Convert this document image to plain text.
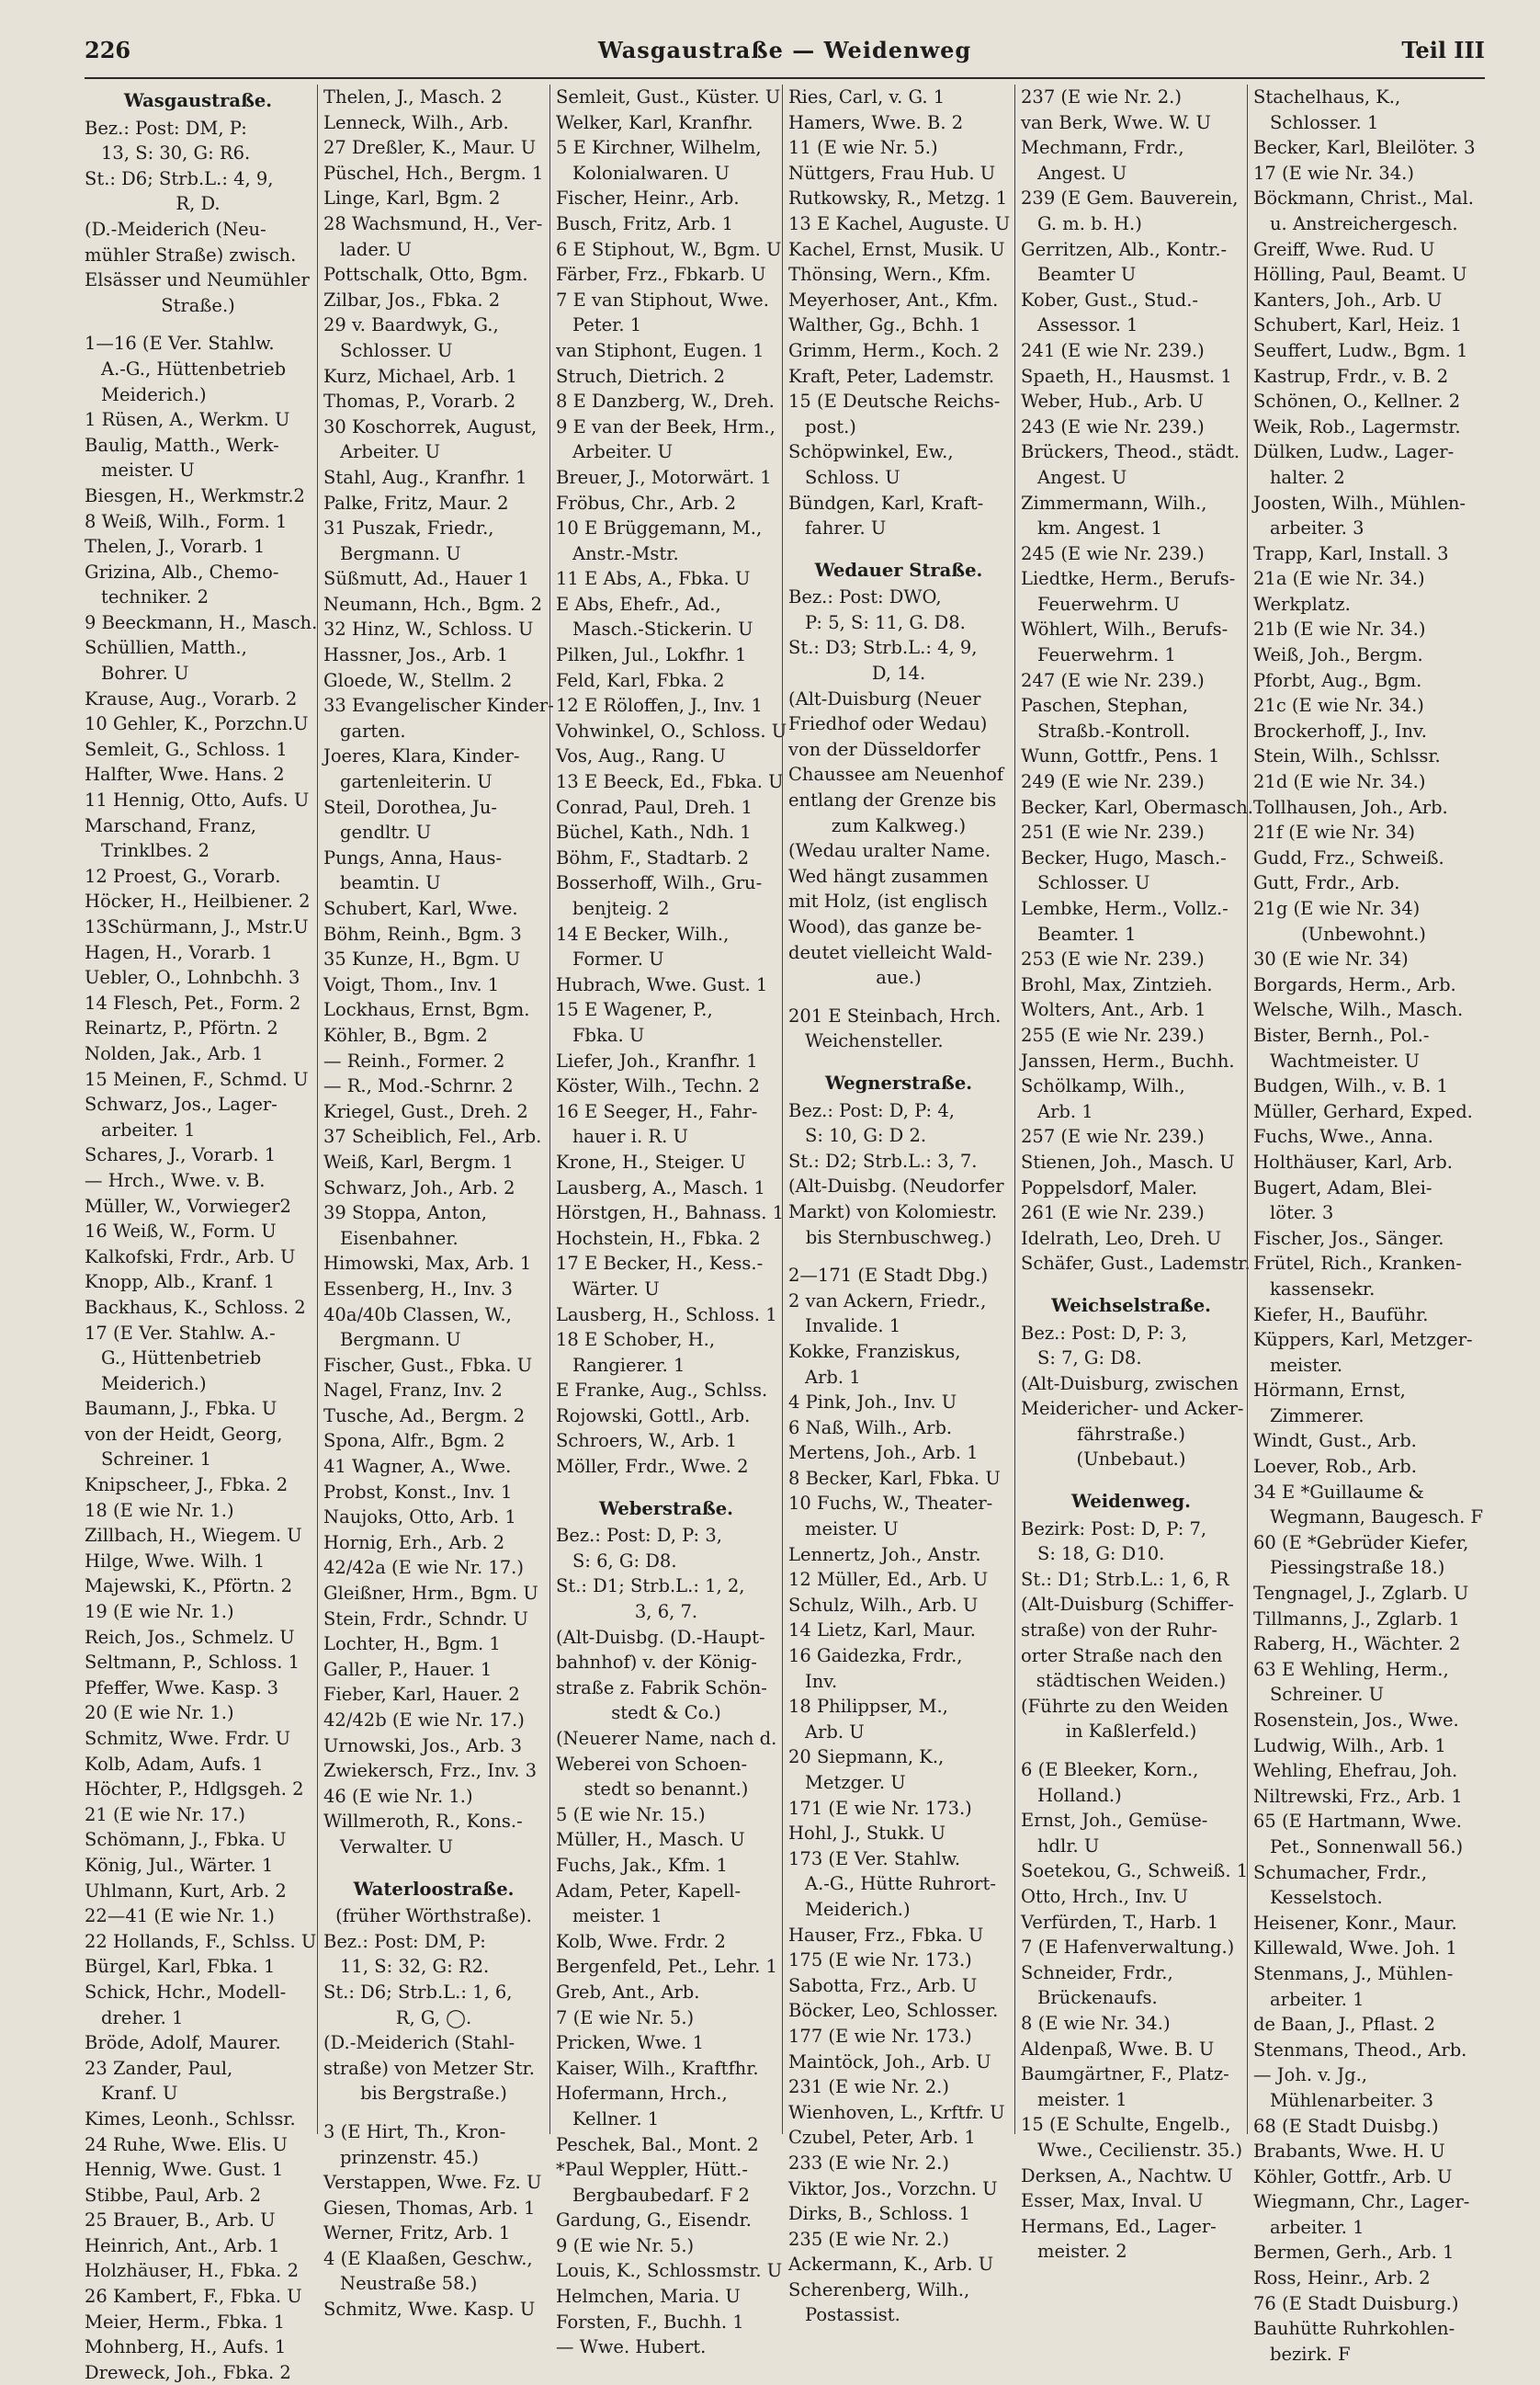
226	Wasgaustraße — Weidenweg	Teil III
Wasgaustraße.
Bez.: Post: DM, P:
13, S: 30, G: R6.
St.: D6; Strb.L.: 4, 9,
R, D.
(D.-Meiderich (Neu-
mühler Straße) zwisch.
Elsässer und Neumühler
Straße.)
1—16 (E Ver. Stahlw.
A.-G., Hüttenbetrieb
Meiderich.)
1 Rüsen, A., Werkm. U
Baulig, Matth., Werk-
meister. U
Biesgen, H., Werkmstr.2
8 Weiß, Wilh., Form. 1
Thelen, J., Vorarb. 1
Grizina, Alb., Chemo-
techniker. 2
9 Beeckmann, H., Masch.
Schüllien, Matth.,
Bohrer. U
Krause, Aug., Vorarb. 2
10 Gehler, K., Porzchn.U
Semleit, G., Schloss. 1
Halfter, Wwe. Hans. 2
11 Hennig, Otto, Aufs. U
Marschand, Franz,
Trinklbes. 2
12 Proest, G., Vorarb.
Höcker, H., Heilbiener. 2
13Schürmann, J., Mstr.U
Hagen, H., Vorarb. 1
Uebler, O., Lohnbchh. 3
14 Flesch, Pet., Form. 2
Reinartz, P., Pförtn. 2
Nolden, Jak., Arb. 1
15 Meinen, F., Schmd. U
Schwarz, Jos., Lager-
arbeiter. 1
Schares, J., Vorarb. 1
— Hrch., Wwe. v. B.
Müller, W., Vorwieger2
16 Weiß, W., Form. U
Kalkofski, Frdr., Arb. U
Knopp, Alb., Kranf. 1
Backhaus, K., Schloss. 2
17 (E Ver. Stahlw. A.-
G., Hüttenbetrieb
Meiderich.)
Baumann, J., Fbka. U
von der Heidt, Georg,
Schreiner. 1
Knipscheer, J., Fbka. 2
18 (E wie Nr. 1.)
Zillbach, H., Wiegem. U
Hilge, Wwe. Wilh. 1
Majewski, K., Pförtn. 2
19 (E wie Nr. 1.)
Reich, Jos., Schmelz. U
Seltmann, P., Schloss. 1
Pfeffer, Wwe. Kasp. 3
20 (E wie Nr. 1.)
Schmitz, Wwe. Frdr. U
Kolb, Adam, Aufs. 1
Höchter, P., Hdlgsgeh. 2
21 (E wie Nr. 17.)
Schömann, J., Fbka. U
König, Jul., Wärter. 1
Uhlmann, Kurt, Arb. 2
22—41 (E wie Nr. 1.)
22 Hollands, F., Schlss. U
Bürgel, Karl, Fbka. 1
Schick, Hchr., Modell-
dreher. 1
Bröde, Adolf, Maurer.
23 Zander, Paul,
Kranf. U
Kimes, Leonh., Schlssr.
24 Ruhe, Wwe. Elis. U
Hennig, Wwe. Gust. 1
Stibbe, Paul, Arb. 2
25 Brauer, B., Arb. U
Heinrich, Ant., Arb. 1
Holzhäuser, H., Fbka. 2
26 Kambert, F., Fbka. U
Meier, Herm., Fbka. 1
Mohnberg, H., Aufs. 1
Dreweck, Joh., Fbka. 2
Thelen, J., Masch. 2
Lenneck, Wilh., Arb.
27 Dreßler, K., Maur. U
Püschel, Hch., Bergm. 1
Linge, Karl, Bgm. 2
28 Wachsmund, H., Ver-
lader. U
Pottschalk, Otto, Bgm.
Zilbar, Jos., Fbka. 2
29 v. Baardwyk, G.,
Schlosser. U
Kurz, Michael, Arb. 1
Thomas, P., Vorarb. 2
30 Koschorrek, August,
Arbeiter. U
Stahl, Aug., Kranfhr. 1
Palke, Fritz, Maur. 2
31 Puszak, Friedr.,
Bergmann. U
Süßmutt, Ad., Hauer 1
Neumann, Hch., Bgm. 2
32 Hinz, W., Schloss. U
Hassner, Jos., Arb. 1
Gloede, W., Stellm. 2
33 Evangelischer Kinder-
garten.
Joeres, Klara, Kinder-
gartenleiterin. U
Steil, Dorothea, Ju-
gendltr. U
Pungs, Anna, Haus-
beamtin. U
Schubert, Karl, Wwe.
Böhm, Reinh., Bgm. 3
35 Kunze, H., Bgm. U
Voigt, Thom., Inv. 1
Lockhaus, Ernst, Bgm.
Köhler, B., Bgm. 2
— Reinh., Former. 2
— R., Mod.-Schrnr. 2
Kriegel, Gust., Dreh. 2
37 Scheiblich, Fel., Arb.
Weiß, Karl, Bergm. 1
Schwarz, Joh., Arb. 2
39 Stoppa, Anton,
Eisenbahner.
Himowski, Max, Arb. 1
Essenberg, H., Inv. 3
40a/40b Classen, W.,
Bergmann. U
Fischer, Gust., Fbka. U
Nagel, Franz, Inv. 2
Tusche, Ad., Bergm. 2
Spona, Alfr., Bgm. 2
41 Wagner, A., Wwe.
Probst, Konst., Inv. 1
Naujoks, Otto, Arb. 1
Hornig, Erh., Arb. 2
42/42a (E wie Nr. 17.)
Gleißner, Hrm., Bgm. U
Stein, Frdr., Schndr. U
Lochter, H., Bgm. 1
Galler, P., Hauer. 1
Fieber, Karl, Hauer. 2
42/42b (E wie Nr. 17.)
Urnowski, Jos., Arb. 3
Zwiekersch, Frz., Inv. 3
46 (E wie Nr. 1.)
Willmeroth, R., Kons.-
Verwalter. U
Waterloostraße.
(früher Wörthstraße).
Bez.: Post: DM, P:
11, S: 32, G: R2.
St.: D6; Strb.L.: 1, 6,
R, G, ◯.
(D.-Meiderich (Stahl-
straße) von Metzer Str.
bis Bergstraße.)
3 (E Hirt, Th., Kron-
prinzenstr. 45.)
Verstappen, Wwe. Fz. U
Giesen, Thomas, Arb. 1
Werner, Fritz, Arb. 1
4 (E Klaaßen, Geschw.,
Neustraße 58.)
Schmitz, Wwe. Kasp. U
Semleit, Gust., Küster. U
Welker, Karl, Kranfhr.
5 E Kirchner, Wilhelm,
Kolonialwaren. U
Fischer, Heinr., Arb.
Busch, Fritz, Arb. 1
6 E Stiphout, W., Bgm. U
Färber, Frz., Fbkarb. U
7 E van Stiphout, Wwe.
Peter. 1
van Stiphont, Eugen. 1
Struch, Dietrich. 2
8 E Danzberg, W., Dreh.
9 E van der Beek, Hrm.,
Arbeiter. U
Breuer, J., Motorwärt. 1
Fröbus, Chr., Arb. 2
10 E Brüggemann, M.,
Anstr.-Mstr.
11 E Abs, A., Fbka. U
E Abs, Ehefr., Ad.,
Masch.-Stickerin. U
Pilken, Jul., Lokfhr. 1
Feld, Karl, Fbka. 2
12 E Röloffen, J., Inv. 1
Vohwinkel, O., Schloss. U
Vos, Aug., Rang. U
13 E Beeck, Ed., Fbka. U
Conrad, Paul, Dreh. 1
Büchel, Kath., Ndh. 1
Böhm, F., Stadtarb. 2
Bosserhoff, Wilh., Gru-
benjteig. 2
14 E Becker, Wilh.,
Former. U
Hubrach, Wwe. Gust. 1
15 E Wagener, P.,
Fbka. U
Liefer, Joh., Kranfhr. 1
Köster, Wilh., Techn. 2
16 E Seeger, H., Fahr-
hauer i. R. U
Krone, H., Steiger. U
Lausberg, A., Masch. 1
Hörstgen, H., Bahnass. 1
Hochstein, H., Fbka. 2
17 E Becker, H., Kess.-
Wärter. U
Lausberg, H., Schloss. 1
18 E Schober, H.,
Rangierer. 1
E Franke, Aug., Schlss.
Rojowski, Gottl., Arb.
Schroers, W., Arb. 1
Möller, Frdr., Wwe. 2
Weberstraße.
Bez.: Post: D, P: 3,
S: 6, G: D8.
St.: D1; Strb.L.: 1, 2,
3, 6, 7.
(Alt-Duisbg. (D.-Haupt-
bahnhof) v. der König-
straße z. Fabrik Schön-
stedt & Co.)
(Neuerer Name, nach d.
Weberei von Schoen-
stedt so benannt.)
5 (E wie Nr. 15.)
Müller, H., Masch. U
Fuchs, Jak., Kfm. 1
Adam, Peter, Kapell-
meister. 1
Kolb, Wwe. Frdr. 2
Bergenfeld, Pet., Lehr. 1
Greb, Ant., Arb.
7 (E wie Nr. 5.)
Pricken, Wwe. 1
Kaiser, Wilh., Kraftfhr.
Hofermann, Hrch.,
Kellner. 1
Peschek, Bal., Mont. 2
*Paul Weppler, Hütt.-
Bergbaubedarf. F 2
Gardung, G., Eisendr.
9 (E wie Nr. 5.)
Louis, K., Schlossmstr. U
Helmchen, Maria. U
Forsten, F., Buchh. 1
— Wwe. Hubert.
Ries, Carl, v. G. 1
Hamers, Wwe. B. 2
11 (E wie Nr. 5.)
Nüttgers, Frau Hub. U
Rutkowsky, R., Metzg. 1
13 E Kachel, Auguste. U
Kachel, Ernst, Musik. U
Thönsing, Wern., Kfm.
Meyerhoser, Ant., Kfm.
Walther, Gg., Bchh. 1
Grimm, Herm., Koch. 2
Kraft, Peter, Lademstr.
15 (E Deutsche Reichs-
post.)
Schöpwinkel, Ew.,
Schloss. U
Bündgen, Karl, Kraft-
fahrer. U
Wedauer Straße.
Bez.: Post: DWO,
P: 5, S: 11, G. D8.
St.: D3; Strb.L.: 4, 9,
D, 14.
(Alt-Duisburg (Neuer
Friedhof oder Wedau)
von der Düsseldorfer
Chaussee am Neuenhof
entlang der Grenze bis
zum Kalkweg.)
(Wedau uralter Name.
Wed hängt zusammen
mit Holz, (ist englisch
Wood), das ganze be-
deutet vielleicht Wald-
aue.)
201 E Steinbach, Hrch.
Weichensteller.
Wegnerstraße.
Bez.: Post: D, P: 4,
S: 10, G: D 2.
St.: D2; Strb.L.: 3, 7.
(Alt-Duisbg. (Neudorfer
Markt) von Kolomiestr.
bis Sternbuschweg.)
2—171 (E Stadt Dbg.)
2 van Ackern, Friedr.,
Invalide. 1
Kokke, Franziskus,
Arb. 1
4 Pink, Joh., Inv. U
6 Naß, Wilh., Arb.
Mertens, Joh., Arb. 1
8 Becker, Karl, Fbka. U
10 Fuchs, W., Theater-
meister. U
Lennertz, Joh., Anstr.
12 Müller, Ed., Arb. U
Schulz, Wilh., Arb. U
14 Lietz, Karl, Maur.
16 Gaidezka, Frdr.,
Inv.
18 Philippser, M.,
Arb. U
20 Siepmann, K.,
Metzger. U
171 (E wie Nr. 173.)
Hohl, J., Stukk. U
173 (E Ver. Stahlw.
A.-G., Hütte Ruhrort-
Meiderich.)
Hauser, Frz., Fbka. U
175 (E wie Nr. 173.)
Sabotta, Frz., Arb. U
Böcker, Leo, Schlosser.
177 (E wie Nr. 173.)
Maintöck, Joh., Arb. U
231 (E wie Nr. 2.)
Wienhoven, L., Krftfr. U
Czubel, Peter, Arb. 1
233 (E wie Nr. 2.)
Viktor, Jos., Vorzchn. U
Dirks, B., Schloss. 1
235 (E wie Nr. 2.)
Ackermann, K., Arb. U
Scherenberg, Wilh.,
Postassist.
237 (E wie Nr. 2.)
van Berk, Wwe. W. U
Mechmann, Frdr.,
Angest. U
239 (E Gem. Bauverein,
G. m. b. H.)
Gerritzen, Alb., Kontr.-
Beamter U
Kober, Gust., Stud.-
Assessor. 1
241 (E wie Nr. 239.)
Spaeth, H., Hausmst. 1
Weber, Hub., Arb. U
243 (E wie Nr. 239.)
Brückers, Theod., städt.
Angest. U
Zimmermann, Wilh.,
km. Angest. 1
245 (E wie Nr. 239.)
Liedtke, Herm., Berufs-
Feuerwehrm. U
Wöhlert, Wilh., Berufs-
Feuerwehrm. 1
247 (E wie Nr. 239.)
Paschen, Stephan,
Straßb.-Kontroll.
Wunn, Gottfr., Pens. 1
249 (E wie Nr. 239.)
Becker, Karl, Obermasch.
251 (E wie Nr. 239.)
Becker, Hugo, Masch.-
Schlosser. U
Lembke, Herm., Vollz.-
Beamter. 1
253 (E wie Nr. 239.)
Brohl, Max, Zintzieh.
Wolters, Ant., Arb. 1
255 (E wie Nr. 239.)
Janssen, Herm., Buchh.
Schölkamp, Wilh.,
Arb. 1
257 (E wie Nr. 239.)
Stienen, Joh., Masch. U
Poppelsdorf, Maler.
261 (E wie Nr. 239.)
Idelrath, Leo, Dreh. U
Schäfer, Gust., Lademstr.
Weichselstraße.
Bez.: Post: D, P: 3,
S: 7, G: D8.
(Alt-Duisburg, zwischen
Meidericher- und Acker-
fährstraße.)
(Unbebaut.)
Weidenweg.
Bezirk: Post: D, P: 7,
S: 18, G: D10.
St.: D1; Strb.L.: 1, 6, R
(Alt-Duisburg (Schiffer-
straße) von der Ruhr-
orter Straße nach den
städtischen Weiden.)
(Führte zu den Weiden
in Kaßlerfeld.)
6 (E Bleeker, Korn.,
Holland.)
Ernst, Joh., Gemüse-
hdlr. U
Soetekou, G., Schweiß. 1
Otto, Hrch., Inv. U
Verfürden, T., Harb. 1
7 (E Hafenverwaltung.)
Schneider, Frdr.,
Brückenaufs.
8 (E wie Nr. 34.)
Aldenpaß, Wwe. B. U
Baumgärtner, F., Platz-
meister. 1
15 (E Schulte, Engelb.,
Wwe., Cecilienstr. 35.)
Derksen, A., Nachtw. U
Esser, Max, Inval. U
Hermans, Ed., Lager-
meister. 2
Stachelhaus, K.,
Schlosser. 1
Becker, Karl, Bleilöter. 3
17 (E wie Nr. 34.)
Böckmann, Christ., Mal.
u. Anstreichergesch.
Greiff, Wwe. Rud. U
Hölling, Paul, Beamt. U
Kanters, Joh., Arb. U
Schubert, Karl, Heiz. 1
Seuffert, Ludw., Bgm. 1
Kastrup, Frdr., v. B. 2
Schönen, O., Kellner. 2
Weik, Rob., Lagermstr.
Dülken, Ludw., Lager-
halter. 2
Joosten, Wilh., Mühlen-
arbeiter. 3
Trapp, Karl, Install. 3
21a (E wie Nr. 34.)
Werkplatz.
21b (E wie Nr. 34.)
Weiß, Joh., Bergm.
Pforbt, Aug., Bgm.
21c (E wie Nr. 34.)
Brockerhoff, J., Inv.
Stein, Wilh., Schlssr.
21d (E wie Nr. 34.)
Tollhausen, Joh., Arb.
21f (E wie Nr. 34)
Gudd, Frz., Schweiß.
Gutt, Frdr., Arb.
21g (E wie Nr. 34)
(Unbewohnt.)
30 (E wie Nr. 34)
Borgards, Herm., Arb.
Welsche, Wilh., Masch.
Bister, Bernh., Pol.-
Wachtmeister. U
Budgen, Wilh., v. B. 1
Müller, Gerhard, Exped.
Fuchs, Wwe., Anna.
Holthäuser, Karl, Arb.
Bugert, Adam, Blei-
löter. 3
Fischer, Jos., Sänger.
Frütel, Rich., Kranken-
kassensekr.
Kiefer, H., Bauführ.
Küppers, Karl, Metzger-
meister.
Hörmann, Ernst,
Zimmerer.
Windt, Gust., Arb.
Loever, Rob., Arb.
34 E *Guillaume &
Wegmann, Baugesch. F
60 (E *Gebrüder Kiefer,
Piessingstraße 18.)
Tengnagel, J., Zglarb. U
Tillmanns, J., Zglarb. 1
Raberg, H., Wächter. 2
63 E Wehling, Herm.,
Schreiner. U
Rosenstein, Jos., Wwe.
Ludwig, Wilh., Arb. 1
Wehling, Ehefrau, Joh.
Niltrewski, Frz., Arb. 1
65 (E Hartmann, Wwe.
Pet., Sonnenwall 56.)
Schumacher, Frdr.,
Kesselstoch.
Heisener, Konr., Maur.
Killewald, Wwe. Joh. 1
Stenmans, J., Mühlen-
arbeiter. 1
de Baan, J., Pflast. 2
Stenmans, Theod., Arb.
— Joh. v. Jg.,
Mühlenarbeiter. 3
68 (E Stadt Duisbg.)
Brabants, Wwe. H. U
Köhler, Gottfr., Arb. U
Wiegmann, Chr., Lager-
arbeiter. 1
Bermen, Gerh., Arb. 1
Ross, Heinr., Arb. 2
76 (E Stadt Duisburg.)
Bauhütte Ruhrkohlen-
bezirk. F
